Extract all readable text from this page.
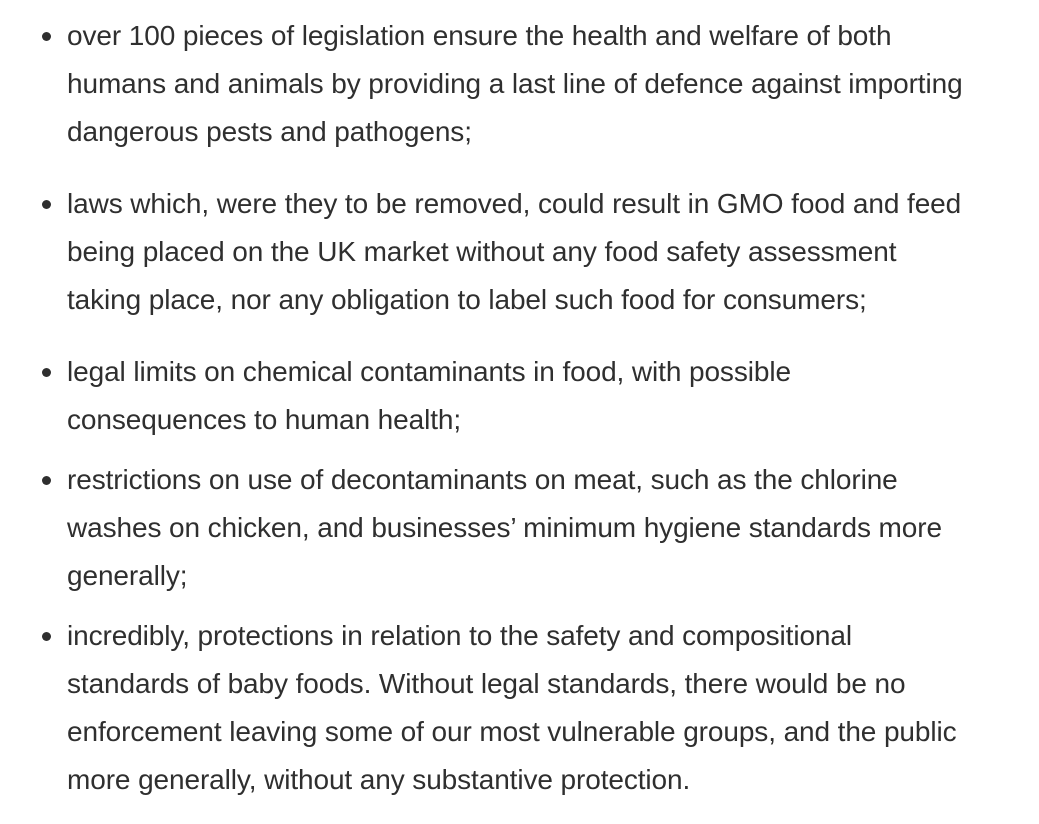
over 100 pieces of legislation ensure the health and welfare of both
humans and animals by providing a last line of defence against importing
dangerous pests and pathogens;
laws which, were they to be removed, could result in GMO food and feed
being placed on the UK market without any food safety assessment
taking place, nor any obligation to label such food for consumers;
legal limits on chemical contaminants in food, with possible
consequences to human health;
restrictions on use of decontaminants on meat, such as the chlorine
washes on chicken, and businesses’ minimum hygiene standards more
generally;
incredibly, protections in relation to the safety and compositional
standards of baby foods. Without legal standards, there would be no
enforcement leaving some of our most vulnerable groups, and the public
more generally, without any substantive protection.
